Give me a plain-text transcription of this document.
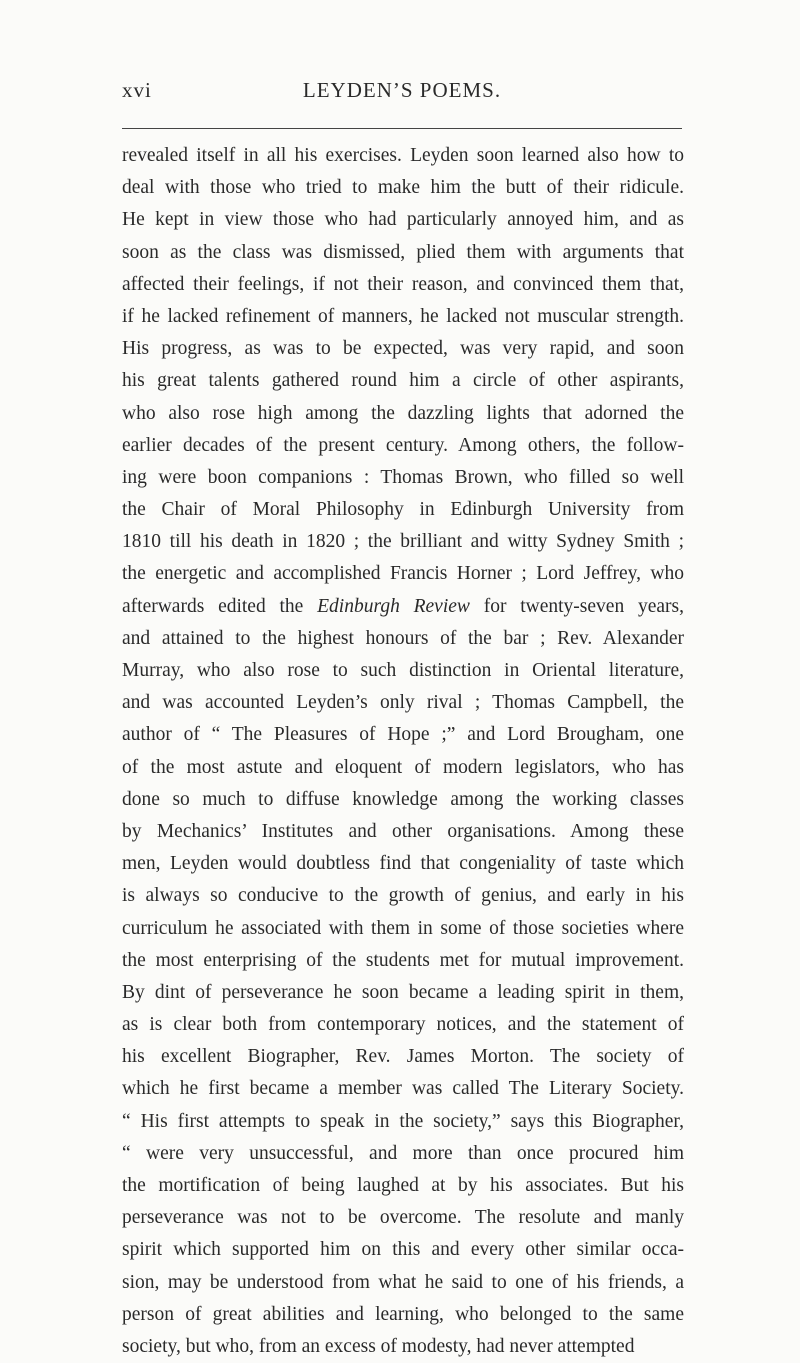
xvi	LEYDEN’S POEMS.
revealed itself in all his exercises. Leyden soon learned also how to
deal with those who tried to make him the butt of their ridicule.
He kept in view those who had particularly annoyed him, and as
soon as the class was dismissed, plied them with arguments that
affected their feelings, if not their reason, and convinced them that,
if he lacked refinement of manners, he lacked not muscular strength.
His progress, as was to be expected, was very rapid, and soon
his great talents gathered round him a circle of other aspirants,
who also rose high among the dazzling lights that adorned the
earlier decades of the present century. Among others, the follow-
ing were boon companions : Thomas Brown, who filled so well
the Chair of Moral Philosophy in Edinburgh University from
1810 till his death in 1820 ; the brilliant and witty Sydney Smith ;
the energetic and accomplished Francis Horner ; Lord Jeffrey, who
afterwards edited the Edinburgh Review for twenty-seven years,
and attained to the highest honours of the bar ; Rev. Alexander
Murray, who also rose to such distinction in Oriental literature,
and was accounted Leyden’s only rival ; Thomas Campbell, the
author of “ The Pleasures of Hope ;” and Lord Brougham, one
of the most astute and eloquent of modern legislators, who has
done so much to diffuse knowledge among the working classes
by Mechanics’ Institutes and other organisations. Among these
men, Leyden would doubtless find that congeniality of taste which
is always so conducive to the growth of genius, and early in his
curriculum he associated with them in some of those societies where
the most enterprising of the students met for mutual improvement.
By dint of perseverance he soon became a leading spirit in them,
as is clear both from contemporary notices, and the statement of
his excellent Biographer, Rev. James Morton. The society of
which he first became a member was called The Literary Society.
“ His first attempts to speak in the society,” says this Biographer,
“ were very unsuccessful, and more than once procured him
the mortification of being laughed at by his associates. But his
perseverance was not to be overcome. The resolute and manly
spirit which supported him on this and every other similar occa-
sion, may be understood from what he said to one of his friends, a
person of great abilities and learning, who belonged to the same
society, but who, from an excess of modesty, had never attempted
